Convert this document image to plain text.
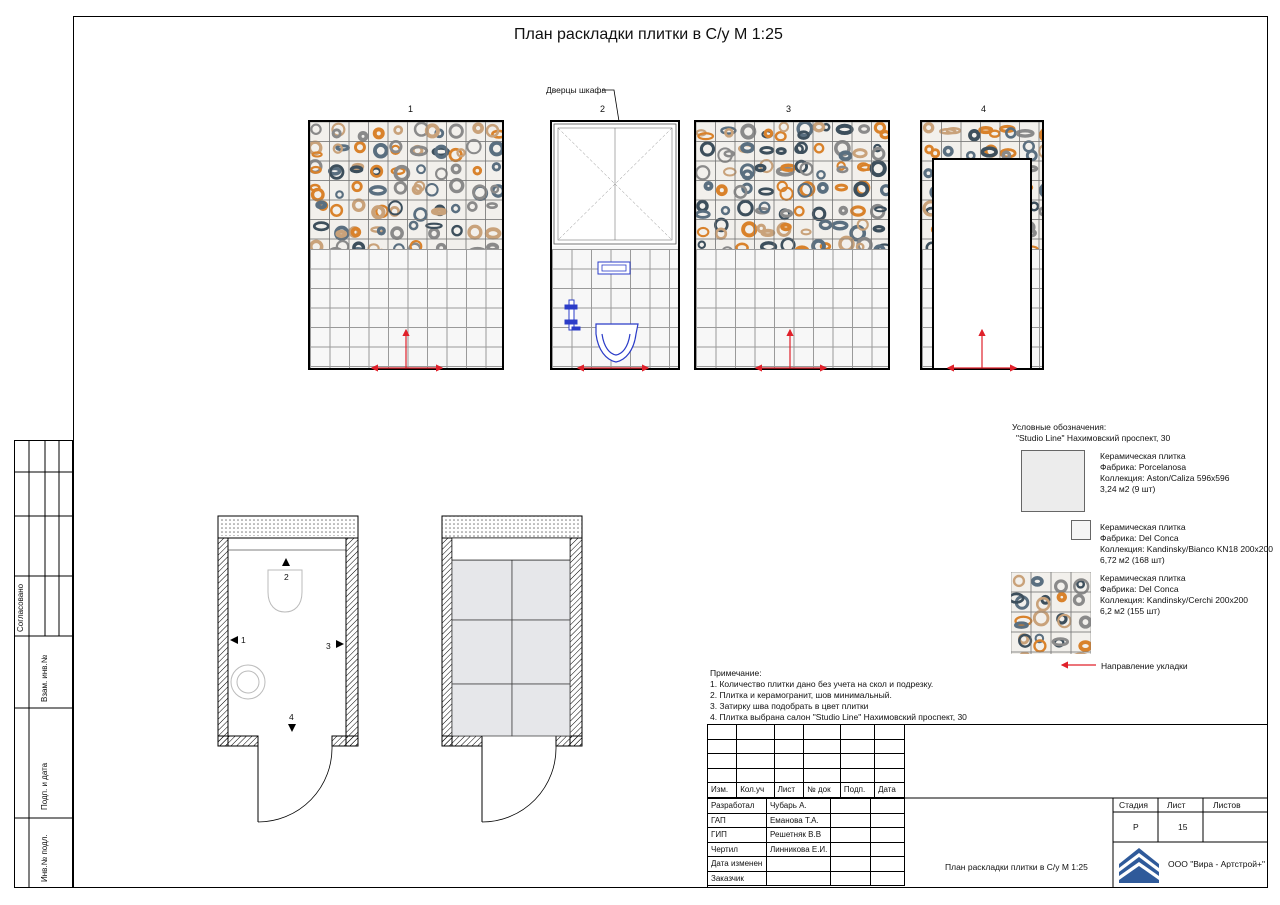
План раскладки плитки в С/у М 1:25
1	2	3	4
Дверцы шкафа
2
1
3
4
Условные обозначения:
"Studio Line" Нахимовский проспект, 30
Керамическая плитка
Фабрика: Porcelanosa
Коллекция: Aston/Caliza 596x596
3,24 м2 (9 шт)
Керамическая плитка
Фабрика: Del Conca
Коллекция: Kandinsky/Bianco KN18 200x200
6,72 м2 (168 шт)
Керамическая плитка
Фабрика: Del Conca
Коллекция: Kandinsky/Cerchi 200x200
6,2 м2 (155 шт)
Направление укладки
Примечание:
1. Количество плитки дано без учета на скол и подрезку.
2. Плитка и керамогранит, шов минимальный.
3. Затирку шва подобрать в цвет плитки
4. Плитка выбрана салон "Studio Line" Нахимовский проспект, 30
Согласовано
Взам. инв.№
Подп. и дата
Инв.№ подл.

Изм.	Кол.уч	Лист	№ док	Подп.	Дата
Разработал	Чубарь А.		
ГАП	Еманова Т.А.		
ГИП	Решетняк В.В		
Чертил	Линникова Е.И.		
Дата изменен			
Заказчик			
Стадия Лист	Листов
Р	15
План раскладки плитки в С/у М 1:25	ООО "Вира - Артстрой+"
